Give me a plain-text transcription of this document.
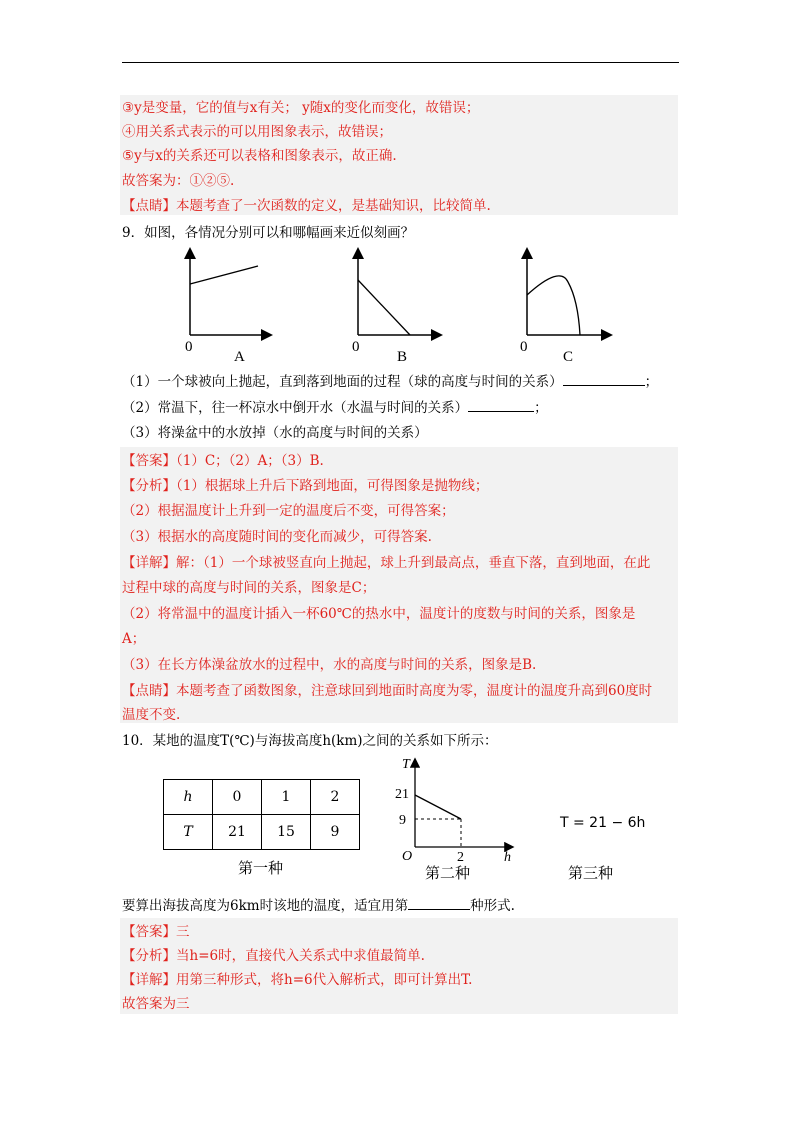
③y是变量，它的值与x有关； y随x的变化而变化，故错误；
④用关系式表示的可以用图象表示，故错误；
⑤y与x的关系还可以表格和图象表示，故正确.
故答案为：①②⑤.
【点睛】本题考查了一次函数的定义，是基础知识，比较简单.
9．如图，各情况分别可以和哪幅画来近似刻画？
0
A
0
B
0
C
（1）一个球被向上抛起，直到落到地面的过程（球的高度与时间的关系）	；
（2）常温下，往一杯凉水中倒开水（水温与时间的关系）	；
（3）将澡盆中的水放掉（水的高度与时间的关系）
【答案】（1）C；（2）A；（3）B.
【分析】（1）根据球上升后下路到地面，可得图象是抛物线；
（2）根据温度计上升到一定的温度后不变，可得答案；
（3）根据水的高度随时间的变化而减少，可得答案.
【详解】解：（1）一个球被竖直向上抛起，球上升到最高点，垂直下落，直到地面，在此
过程中球的高度与时间的关系，图象是C；
（2）将常温中的温度计插入一杯60℃的热水中，温度计的度数与时间的关系，图象是
A；
（3）在长方体澡盆放水的过程中，水的高度与时间的关系，图象是B.
【点睛】本题考查了函数图象，注意球回到地面时高度为零，温度计的温度升高到60度时
温度不变.
10．某地的温度T(℃)与海拔高度h(km)之间的关系如下所示：
h	0	1	2
T	21	15	9
第一种
21
9
2
T
h
O
第二种
T = 21 − 6h
第三种
要算出海拔高度为6km时该地的温度，适宜用第	种形式.
【答案】三
【分析】当h=6时，直接代入关系式中求值最简单.
【详解】用第三种形式，将h=6代入解析式，即可计算出T.
故答案为三
